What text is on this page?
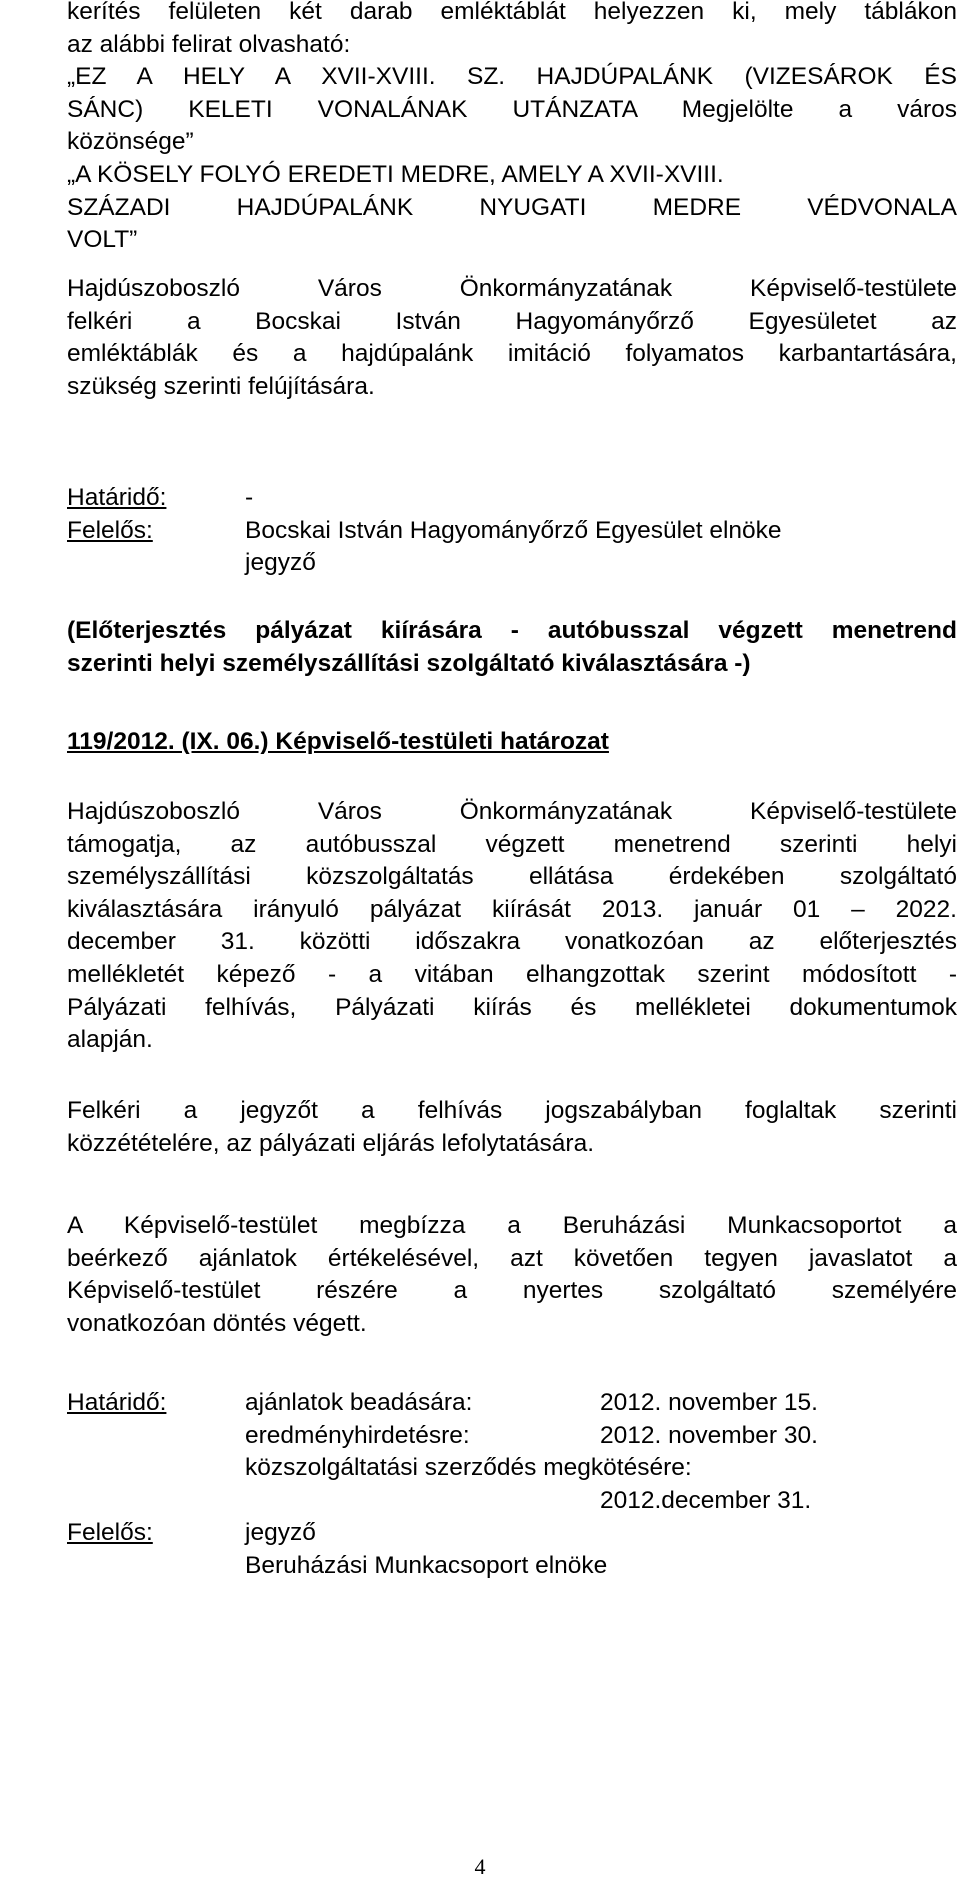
kerítés felületen két darab emléktáblát helyezzen ki, mely táblákon
az alábbi felirat olvasható:
„EZ A HELY A XVII-XVIII. SZ. HAJDÚPALÁNK (VIZESÁROK ÉS
SÁNC) KELETI VONALÁNAK UTÁNZATA Megjelölte a város
közönsége”
„A KÖSELY FOLYÓ EREDETI MEDRE, AMELY A XVII-XVIII.
SZÁZADI HAJDÚPALÁNK NYUGATI MEDRE VÉDVONALA
VOLT”
Hajdúszoboszló Város Önkormányzatának Képviselő-testülete
felkéri a Bocskai István Hagyományőrző Egyesületet az
emléktáblák és a hajdúpalánk imitáció folyamatos karbantartására,
szükség szerinti felújítására.
Határidő:	-
Felelős:	Bocskai István Hagyományőrző Egyesület elnöke
jegyző
(Előterjesztés pályázat kiírására - autóbusszal végzett menetrend
szerinti helyi személyszállítási szolgáltató kiválasztására -)
119/2012. (IX. 06.) Képviselő-testületi határozat
Hajdúszoboszló Város Önkormányzatának Képviselő-testülete
támogatja, az autóbusszal végzett menetrend szerinti helyi
személyszállítási közszolgáltatás ellátása érdekében szolgáltató
kiválasztására irányuló pályázat kiírását 2013. január 01 – 2022.
december 31. közötti időszakra vonatkozóan az előterjesztés
mellékletét képező - a vitában elhangzottak szerint módosított -
Pályázati felhívás, Pályázati kiírás és mellékletei dokumentumok
alapján.
Felkéri a jegyzőt a felhívás jogszabályban foglaltak szerinti
közzétételére, az pályázati eljárás lefolytatására.
A Képviselő-testület megbízza a Beruházási Munkacsoportot a
beérkező ajánlatok értékelésével, azt követően tegyen javaslatot a
Képviselő-testület részére a nyertes szolgáltató személyére
vonatkozóan döntés végett.
Határidő:	ajánlatok beadására:	2012. november 15.
eredményhirdetésre:	2012. november 30.
közszolgáltatási szerződés megkötésére:
2012.december 31.
Felelős:	jegyző
Beruházási Munkacsoport elnöke
4
